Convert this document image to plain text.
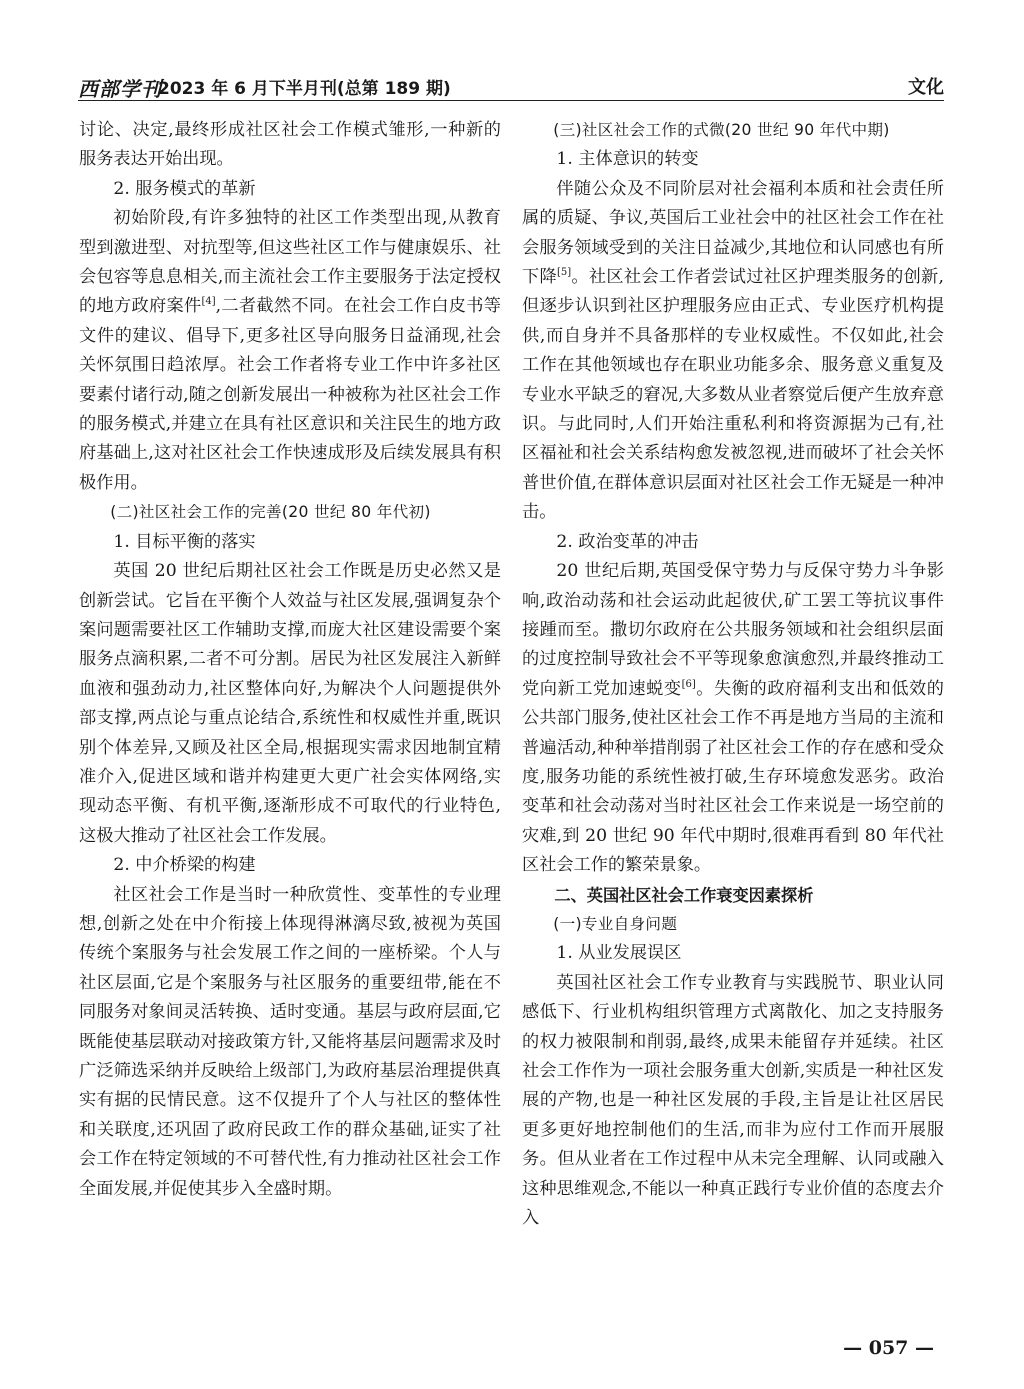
西部学刊
2023 年 6 月下半月刊(总第 189 期)	文化

讨论、决定,最终形成社区社会工作模式雏形,一种新的服务表达开始出现。

2. 服务模式的革新

初始阶段,有许多独特的社区工作类型出现,从教育型到激进型、对抗型等,但这些社区工作与健康娱乐、社会包容等息息相关,而主流社会工作主要服务于法定授权的地方政府案件[4],二者截然不同。在社会工作白皮书等文件的建议、倡导下,更多社区导向服务日益涌现,社会关怀氛围日趋浓厚。社会工作者将专业工作中许多社区要素付诸行动,随之创新发展出一种被称为社区社会工作的服务模式,并建立在具有社区意识和关注民生的地方政府基础上,这对社区社会工作快速成形及后续发展具有积极作用。

(二)社区社会工作的完善(20 世纪 80 年代初)

1. 目标平衡的落实

英国 20 世纪后期社区社会工作既是历史必然又是创新尝试。它旨在平衡个人效益与社区发展,强调复杂个案问题需要社区工作辅助支撑,而庞大社区建设需要个案服务点滴积累,二者不可分割。居民为社区发展注入新鲜血液和强劲动力,社区整体向好,为解决个人问题提供外部支撑,两点论与重点论结合,系统性和权威性并重,既识别个体差异,又顾及社区全局,根据现实需求因地制宜精准介入,促进区域和谐并构建更大更广社会实体网络,实现动态平衡、有机平衡,逐渐形成不可取代的行业特色,这极大推动了社区社会工作发展。

2. 中介桥梁的构建

社区社会工作是当时一种欣赏性、变革性的专业理想,创新之处在中介衔接上体现得淋漓尽致,被视为英国传统个案服务与社会发展工作之间的一座桥梁。个人与社区层面,它是个案服务与社区服务的重要纽带,能在不同服务对象间灵活转换、适时变通。基层与政府层面,它既能使基层联动对接政策方针,又能将基层问题需求及时广泛筛选采纳并反映给上级部门,为政府基层治理提供真实有据的民情民意。这不仅提升了个人与社区的整体性和关联度,还巩固了政府民政工作的群众基础,证实了社会工作在特定领域的不可替代性,有力推动社区社会工作全面发展,并促使其步入全盛时期。

(三)社区社会工作的式微(20 世纪 90 年代中期)

1. 主体意识的转变

伴随公众及不同阶层对社会福利本质和社会责任所属的质疑、争议,英国后工业社会中的社区社会工作在社会服务领域受到的关注日益减少,其地位和认同感也有所下降[5]。社区社会工作者尝试过社区护理类服务的创新,但逐步认识到社区护理服务应由正式、专业医疗机构提供,而自身并不具备那样的专业权威性。不仅如此,社会工作在其他领域也存在职业功能多余、服务意义重复及专业水平缺乏的窘况,大多数从业者察觉后便产生放弃意识。与此同时,人们开始注重私利和将资源据为己有,社区福祉和社会关系结构愈发被忽视,进而破坏了社会关怀普世价值,在群体意识层面对社区社会工作无疑是一种冲击。

2. 政治变革的冲击

20 世纪后期,英国受保守势力与反保守势力斗争影响,政治动荡和社会运动此起彼伏,矿工罢工等抗议事件接踵而至。撒切尔政府在公共服务领域和社会组织层面的过度控制导致社会不平等现象愈演愈烈,并最终推动工党向新工党加速蜕变[6]。失衡的政府福利支出和低效的公共部门服务,使社区社会工作不再是地方当局的主流和普遍活动,种种举措削弱了社区社会工作的存在感和受众度,服务功能的系统性被打破,生存环境愈发恶劣。政治变革和社会动荡对当时社区社会工作来说是一场空前的灾难,到 20 世纪 90 年代中期时,很难再看到 80 年代社区社会工作的繁荣景象。

二、英国社区社会工作衰变因素探析

(一)专业自身问题

1. 从业发展误区

英国社区社会工作专业教育与实践脱节、职业认同感低下、行业机构组织管理方式离散化、加之支持服务的权力被限制和削弱,最终,成果未能留存并延续。社区社会工作作为一项社会服务重大创新,实质是一种社区发展的产物,也是一种社区发展的手段,主旨是让社区居民更多更好地控制他们的生活,而非为应付工作而开展服务。但从业者在工作过程中从未完全理解、认同或融入这种思维观念,不能以一种真正践行专业价值的态度去介入

— 057 —
